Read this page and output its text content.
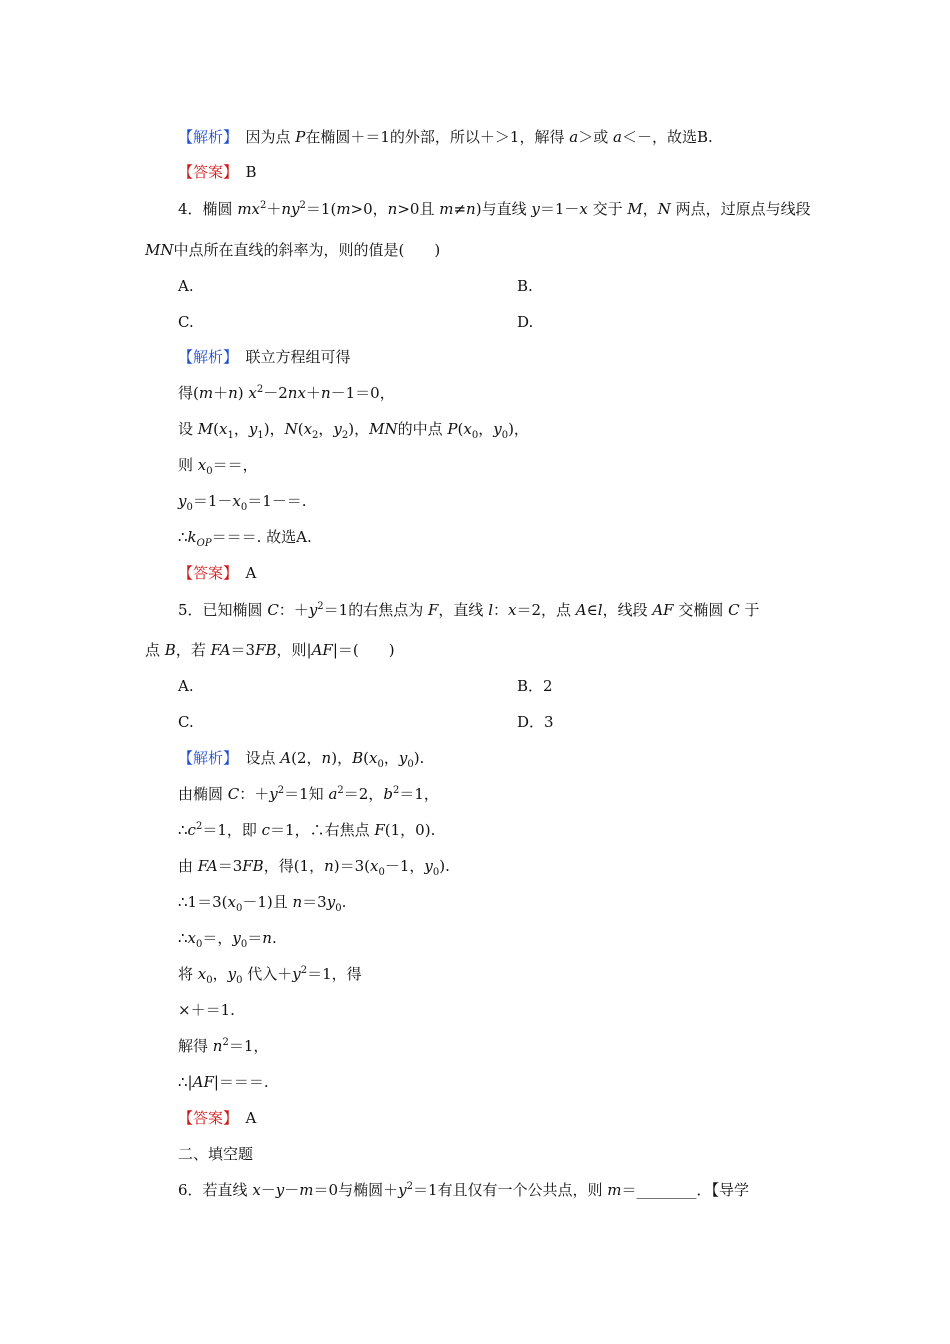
【解析】　因为点 P在椭圆＋＝1的外部，所以＋＞1，解得 a＞或 a＜－，故选B.
【答案】　B
4．椭圆 $mx^2+ny^2=1(m>0$，n>0且 m≠n)与直线 y＝1－x 交于 M，N 两点，过原点与线段
MN中点所在直线的斜率为，则的值是(　　)
A.	B.
C.	D.
【解析】　联立方程组可得
得(m＋n) $x^2-2nx+n-1=0$，
设 $M(x_1$，$y_1$)，$N(x_2$，$y_2$)，MN的中点 $P(x_0$，$y_0$)，
则 $x_0==$，
$y_0=1-x_0=1-=$.
$\therefore k_{OP}===$. 故选A.
【答案】　A
5．已知椭圆 C：$+y^2=1$的右焦点为 F，直线 l：x＝2，点 A∈l，线段 AF 交椭圆 C 于
点 B，若 FA＝3FB，则|AF|＝(　　)
A.	B．2
C.	D．3
【解析】　设点 A(2，n)，$B(x_0$，$y_0$).
由椭圆 C：$+y^2=1$知 $a^2=2$，$b^2=1$，
$\therefore c^2=1$，即 c＝1，∴右焦点 F(1，0).
由 FA＝3FB，得(1，$n)=3(x_0-1$，$y_0$).
$\therefore 1=3(x_0-1)$且 $n=3y_0$.
$\therefore x_0=$，$y_0=n$.
将 $x_0$，$y_0$ 代入$+y^2=1$，得
×＋＝1.
解得 $n^2=1$，
∴|AF|＝＝＝.
【答案】　A
二、填空题
6．若直线 x－y－m＝0与椭圆$+y^2=1$有且仅有一个公共点，则 m＝________．【导学
